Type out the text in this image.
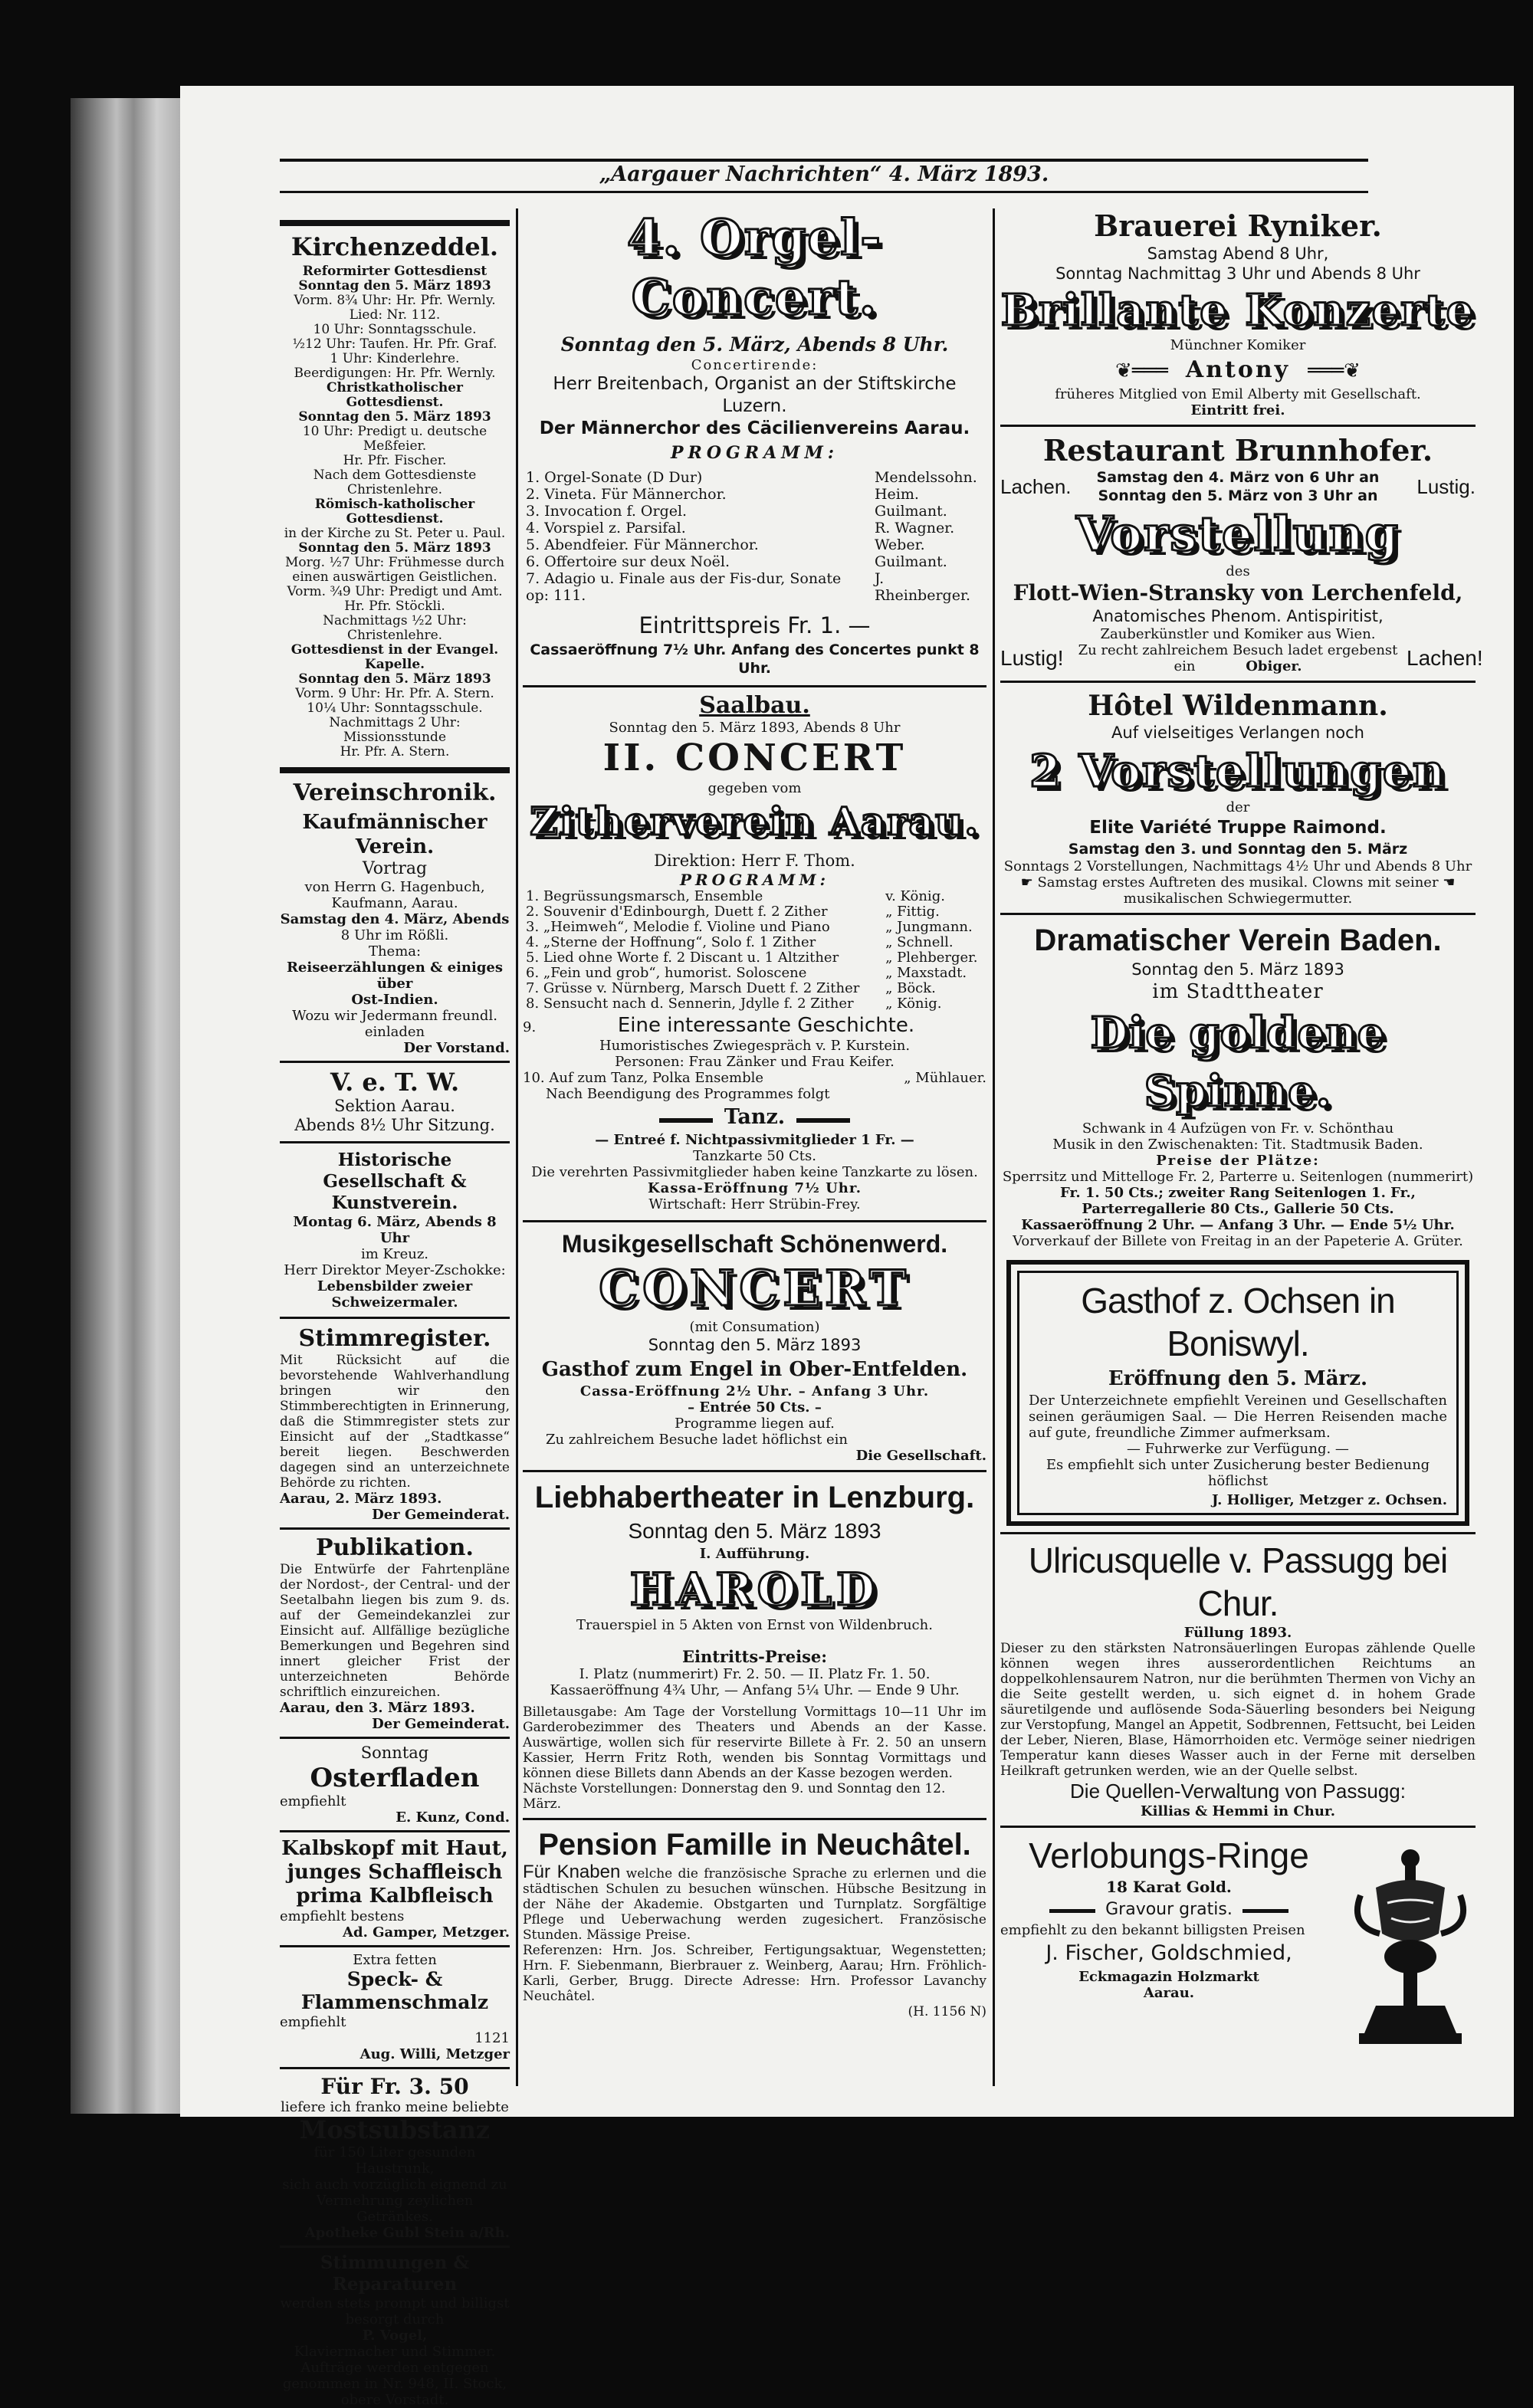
„Aargauer Nachrichten“ 4. März 1893.
Kirchenzeddel.

Reformirter Gottesdienst

Sonntag den 5. März 1893

Vorm. 8¾ Uhr: Hr. Pfr. Wernly.

Lied: Nr. 112.

10 Uhr: Sonntagsschule.

½12 Uhr: Taufen. Hr. Pfr. Graf.

1 Uhr: Kinderlehre.

Beerdigungen: Hr. Pfr. Wernly.

Christkatholischer Gottesdienst.

Sonntag den 5. März 1893

10 Uhr: Predigt u. deutsche Meßfeier.

Hr. Pfr. Fischer.

Nach dem Gottesdienste Christenlehre.

Römisch-katholischer Gottesdienst.

in der Kirche zu St. Peter u. Paul.

Sonntag den 5. März 1893

Morg. ½7 Uhr: Frühmesse durch

einen auswärtigen Geistlichen.

Vorm. ¾9 Uhr: Predigt und Amt.

Hr. Pfr. Stöckli.

Nachmittags ½2 Uhr: Christenlehre.

Gottesdienst in der Evangel. Kapelle.

Sonntag den 5. März 1893

Vorm. 9 Uhr: Hr. Pfr. A. Stern.

10¼ Uhr: Sonntagsschule.

Nachmittags 2 Uhr: Missionsstunde

Hr. Pfr. A. Stern.

Vereinschronik.
Kaufmännischer Verein.

Vortrag

von Herrn G. Hagenbuch, Kaufmann, Aarau.

Samstag den 4. März, Abends

8 Uhr im Rößli.

Thema:

Reiseerzählungen & einiges über

Ost-Indien.

Wozu wir Jedermann freundl. einladen

Der Vorstand.

V. e. T. W.

Sektion Aarau.

Abends 8½ Uhr Sitzung.

Historische Gesellschaft & Kunstverein.

Montag 6. März, Abends 8 Uhr

im Kreuz.

Herr Direktor Meyer-Zschokke:

Lebensbilder zweier Schweizermaler.

Stimmregister.

Mit Rücksicht auf die bevorstehende Wahlverhandlung bringen wir den Stimmberechtigten in Erinnerung, daß die Stimmregister stets zur Einsicht auf der „Stadtkasse“ bereit liegen. Beschwerden dagegen sind an unterzeichnete Behörde zu richten.

Aarau, 2. März 1893.

Der Gemeinderat.

Publikation.

Die Entwürfe der Fahrtenpläne der Nordost-, der Central- und der Seetalbahn liegen bis zum 9. ds. auf der Gemeindekanzlei zur Einsicht auf. Allfällige bezügliche Bemerkungen und Begehren sind innert gleicher Frist der unterzeichneten Behörde schriftlich einzureichen.

Aarau, den 3. März 1893.

Der Gemeinderat.

Sonntag

Osterfladen

empfiehlt

E. Kunz, Cond.

Kalbskopf mit Haut,

junges Schaffleisch

prima Kalbfleisch

empfiehlt bestens

Ad. Gamper, Metzger.

Extra fetten

Speck- & Flammenschmalz

empfiehlt

1121

Aug. Willi, Metzger

Für Fr. 3. 50

liefere ich franko meine beliebte

Mostsubstanz

für 150 Liter gesunden Haustrunk,

sich auch vorzüglich eignend zu Vermehrung zeylichen Getränkes.

Apotheke Gubl Stein a/Rh.

Stimmungen & Reparaturen

werden stets prompt und billigst besorgt durch

P. Vogel,

Klaviermacher und Stimmer.

Aufträge werden entgegen genommen in Nr. 948, II. Stock, obere Vorstadt.

4. Orgel-Concert.
Sonntag den 5. März, Abends 8 Uhr.

Concertirende:

Herr Breitenbach, Organist an der Stiftskirche Luzern.

Der Männerchor des Cäcilienvereins Aarau.

PROGRAMM:

1. Orgel-Sonate (D Dur)	Mendelssohn.
2. Vineta. Für Männerchor.	Heim.
3. Invocation f. Orgel.	Guilmant.
4. Vorspiel z. Parsifal.	R. Wagner.
5. Abendfeier. Für Männerchor.	Weber.
6. Offertoire sur deux Noël.	Guilmant.
7. Adagio u. Finale aus der Fis-dur, Sonate op: 111.	J. Rheinberger.

Eintrittspreis Fr. 1. —

Cassaeröffnung 7½ Uhr. Anfang des Concertes punkt 8 Uhr.

Saalbau.

Sonntag den 5. März 1893, Abends 8 Uhr

II. CONCERT

gegeben vom

Zitherverein Aarau.

Direktion: Herr F. Thom.

PROGRAMM:

1. Begrüssungsmarsch, Ensemble	v. König.
2. Souvenir d'Edinbourgh, Duett f. 2 Zither	„ Fittig.
3. „Heimweh“, Melodie f. Violine und Piano	„ Jungmann.
4. „Sterne der Hoffnung“, Solo f. 1 Zither	„ Schnell.
5. Lied ohne Worte f. 2 Discant u. 1 Altzither	„ Plehberger.
6. „Fein und grob“, humorist. Soloscene	„ Maxstadt.
7. Grüsse v. Nürnberg, Marsch Duett f. 2 Zither	„ Böck.
8. Sensucht nach d. Sennerin, Jdylle f. 2 Zither	„ König.
9.	Eine interessante Geschichte.

Humoristisches Zwiegespräch v. P. Kurstein.

Personen: Frau Zänker und Frau Keifer.

10. Auf zum Tanz, Polka Ensemble	„ Mühlauer.

Nach Beendigung des Programmes folgt

Tanz.

— Entreé f. Nichtpassivmitglieder 1 Fr. —

Tanzkarte 50 Cts.

Die verehrten Passivmitglieder haben keine Tanzkarte zu lösen.

Kassa-Eröffnung 7½ Uhr.

Wirtschaft: Herr Strübin-Frey.

Musikgesellschaft Schönenwerd.

CONCERT

(mit Consumation)

Sonntag den 5. März 1893

Gasthof zum Engel in Ober-Entfelden.

Cassa-Eröffnung 2½ Uhr. – Anfang 3 Uhr.

– Entrée 50 Cts. –

Programme liegen auf.

Zu zahlreichem Besuche ladet höflichst ein

Die Gesellschaft.

Liebhabertheater in Lenzburg.

Sonntag den 5. März 1893

I. Aufführung.

HAROLD

Trauerspiel in 5 Akten von Ernst von Wildenbruch.

Eintritts-Preise:

I. Platz (nummerirt) Fr. 2. 50. — II. Platz Fr. 1. 50.

Kassaeröffnung 4¾ Uhr, — Anfang 5¼ Uhr. — Ende 9 Uhr.

Billetausgabe: Am Tage der Vorstellung Vormittags 10—11 Uhr im Garderobezimmer des Theaters und Abends an der Kasse. Auswärtige, wollen sich für reservirte Billete à Fr. 2. 50 an unsern Kassier, Herrn Fritz Roth, wenden bis Sonntag Vormittags und können diese Billets dann Abends an der Kasse bezogen werden.

Nächste Vorstellungen: Donnerstag den 9. und Sonntag den 12. März.

Pension Famille in Neuchâtel.

Für Knaben welche die französische Sprache zu erlernen und die städtischen Schulen zu besuchen wünschen. Hübsche Besitzung in der Nähe der Akademie. Obstgarten und Turnplatz. Sorgfältige Pflege und Ueberwachung werden zugesichert. Französische Stunden. Mässige Preise.

Referenzen: Hrn. Jos. Schreiber, Fertigungsaktuar, Wegenstetten; Hrn. F. Siebenmann, Bierbrauer z. Weinberg, Aarau; Hrn. Fröhlich-Karli, Gerber, Brugg. Directe Adresse: Hrn. Professor Lavanchy Neuchâtel.

(H. 1156 N)

Brauerei Ryniker.

Samstag Abend 8 Uhr,

Sonntag Nachmittag 3 Uhr und Abends 8 Uhr

Brillante Konzerte

Münchner Komiker

❦═══ Antony ═══❦

früheres Mitglied von Emil Alberty mit Gesellschaft.

Eintritt frei.

Restaurant Brunnhofer.

Lachen.	Samstag den 4. März von 6 Uhr an

Sonntag den 5. März von 3 Uhr an	Lustig.

Vorstellung

des

Flott-Wien-Stransky von Lerchenfeld,

Anatomisches Phenom. Antispiritist,

Zauberkünstler und Komiker aus Wien.

Lustig!	Zu recht zahlreichem Besuch ladet ergebenst ein	Obiger.	Lachen!

Hôtel Wildenmann.

Auf vielseitiges Verlangen noch

2 Vorstellungen

der

Elite Variété Truppe Raimond.

Samstag den 3. und Sonntag den 5. März

Sonntags 2 Vorstellungen, Nachmittags 4½ Uhr und Abends 8 Uhr

☛ Samstag erstes Auftreten des musikal. Clowns mit seiner ☚

musikalischen Schwiegermutter.

Dramatischer Verein Baden.

Sonntag den 5. März 1893

im Stadttheater

Die goldene Spinne.

Schwank in 4 Aufzügen von Fr. v. Schönthau

Musik in den Zwischenakten: Tit. Stadtmusik Baden.

Preise der Plätze:

Sperrsitz und Mittelloge Fr. 2, Parterre u. Seitenlogen (nummerirt)

Fr. 1. 50 Cts.; zweiter Rang Seitenlogen 1. Fr.,

Parterregallerie 80 Cts., Gallerie 50 Cts.

Kassaeröffnung 2 Uhr. — Anfang 3 Uhr. — Ende 5½ Uhr.

Vorverkauf der Billete von Freitag in an der Papeterie A. Grüter.

Gasthof z. Ochsen in Boniswyl.

Eröffnung den 5. März.

Der Unterzeichnete empfiehlt Vereinen und Gesellschaften seinen geräumigen Saal. — Die Herren Reisenden mache auf gute, freundliche Zimmer aufmerksam.

— Fuhrwerke zur Verfügung. —

Es empfiehlt sich unter Zusicherung bester Bedienung höflichst

J. Holliger, Metzger z. Ochsen.

Ulricusquelle v. Passugg bei Chur.

Füllung 1893.

Dieser zu den stärksten Natronsäuerlingen Europas zählende Quelle können wegen ihres ausserordentlichen Reichtums an doppelkohlensaurem Natron, nur die berühmten Thermen von Vichy an die Seite gestellt werden, u. sich eignet d. in hohem Grade säuretilgende und auflösende Soda-Säuerling besonders bei Neigung zur Verstopfung, Mangel an Appetit, Sodbrennen, Fettsucht, bei Leiden der Leber, Nieren, Blase, Hämorrhoiden etc. Vermöge seiner niedrigen Temperatur kann dieses Wasser auch in der Ferne mit derselben Heilkraft getrunken werden, wie an der Quelle selbst.

Die Quellen-Verwaltung von Passugg:

Killias & Hemmi in Chur.

Verlobungs-Ringe

18 Karat Gold.

Gravour gratis.

empfiehlt zu den bekannt billigsten Preisen

J. Fischer, Goldschmied,

Eckmagazin Holzmarkt

Aarau.
